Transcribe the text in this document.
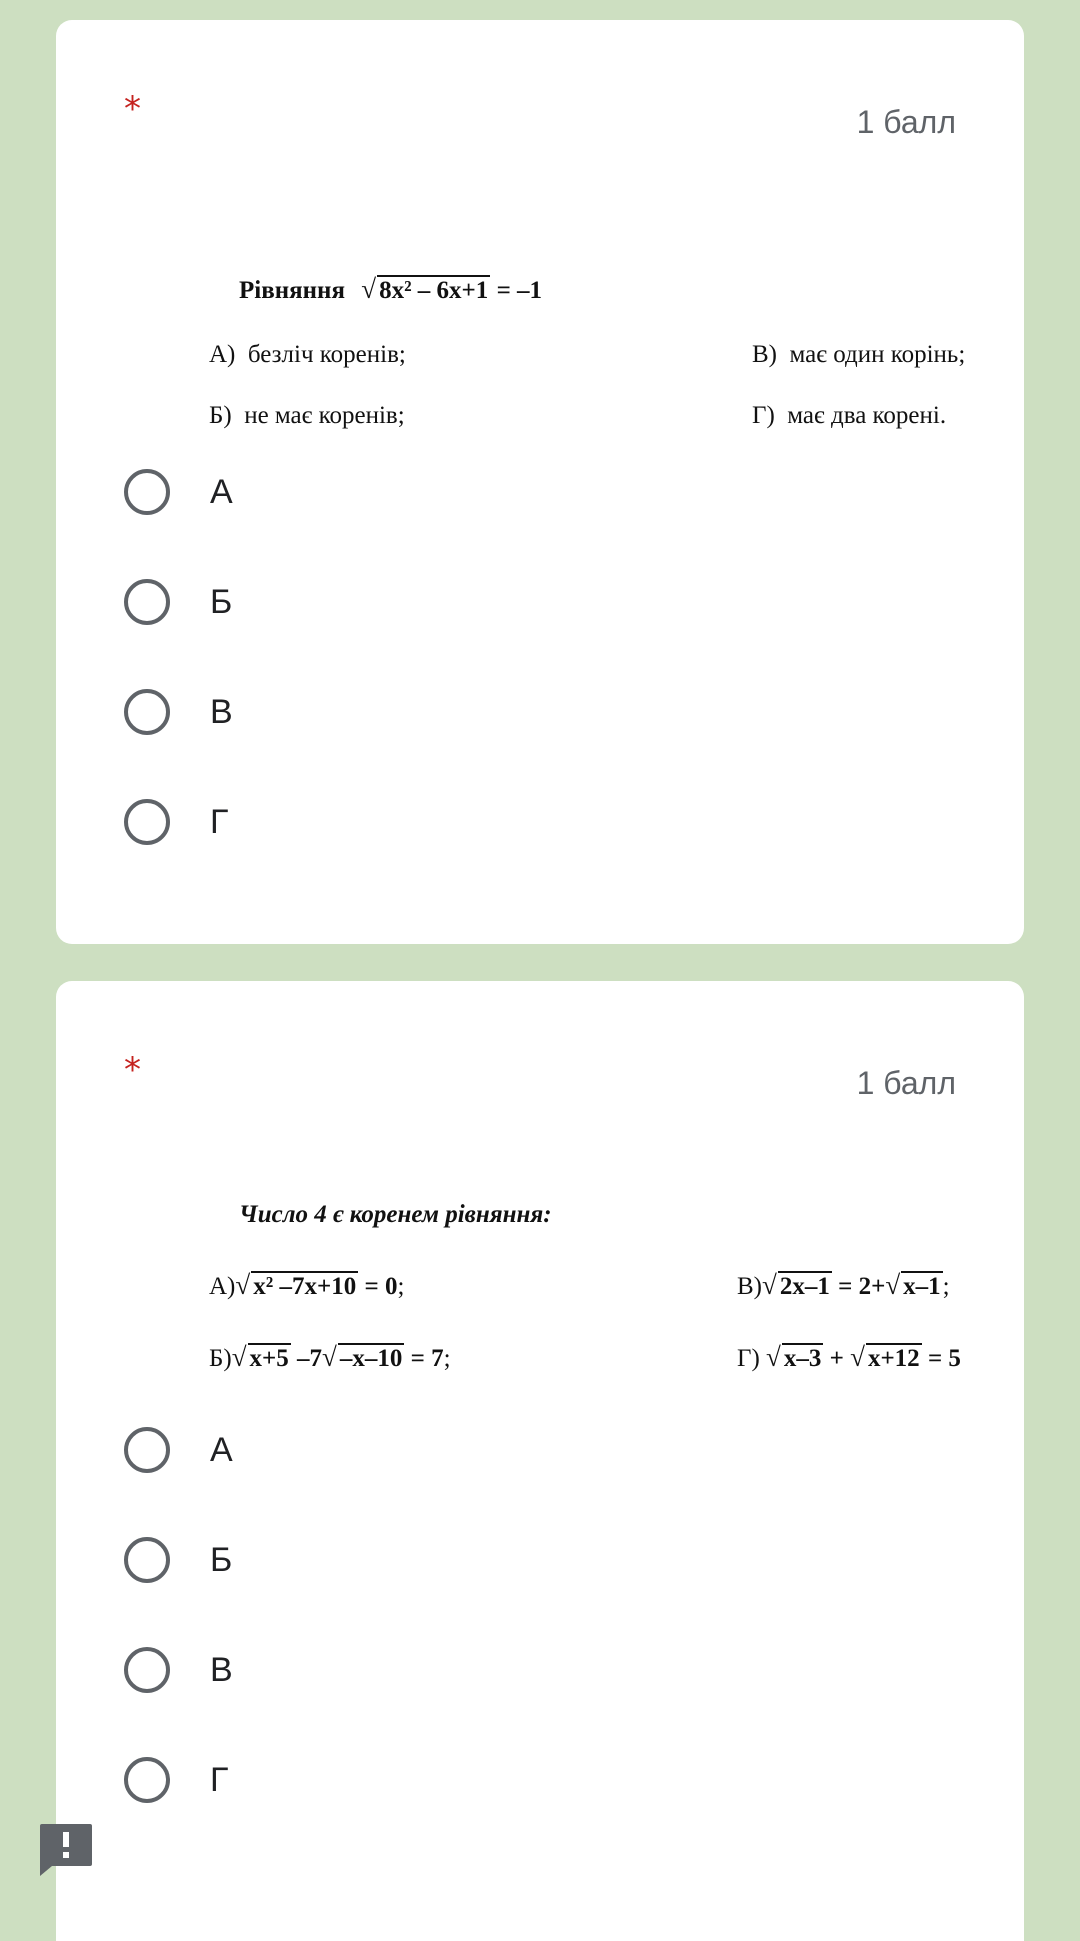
*	1 балл
Рівняння √ 8x² – 6x+1 = –1
А) безліч коренів;
Б) не має коренів;
В) має один корінь;
Г) має два корені.
А
Б
В
Г
*	1 балл
Число 4 є коренем рівняння:
А)√ x² –7x+10 = 0;
Б)√ x+5 –7√ –x–10 = 7;
В)√ 2x–1 = 2+√ x–1;
Г) √ x–3 + √ x+12 = 5
А
Б
В
Г
